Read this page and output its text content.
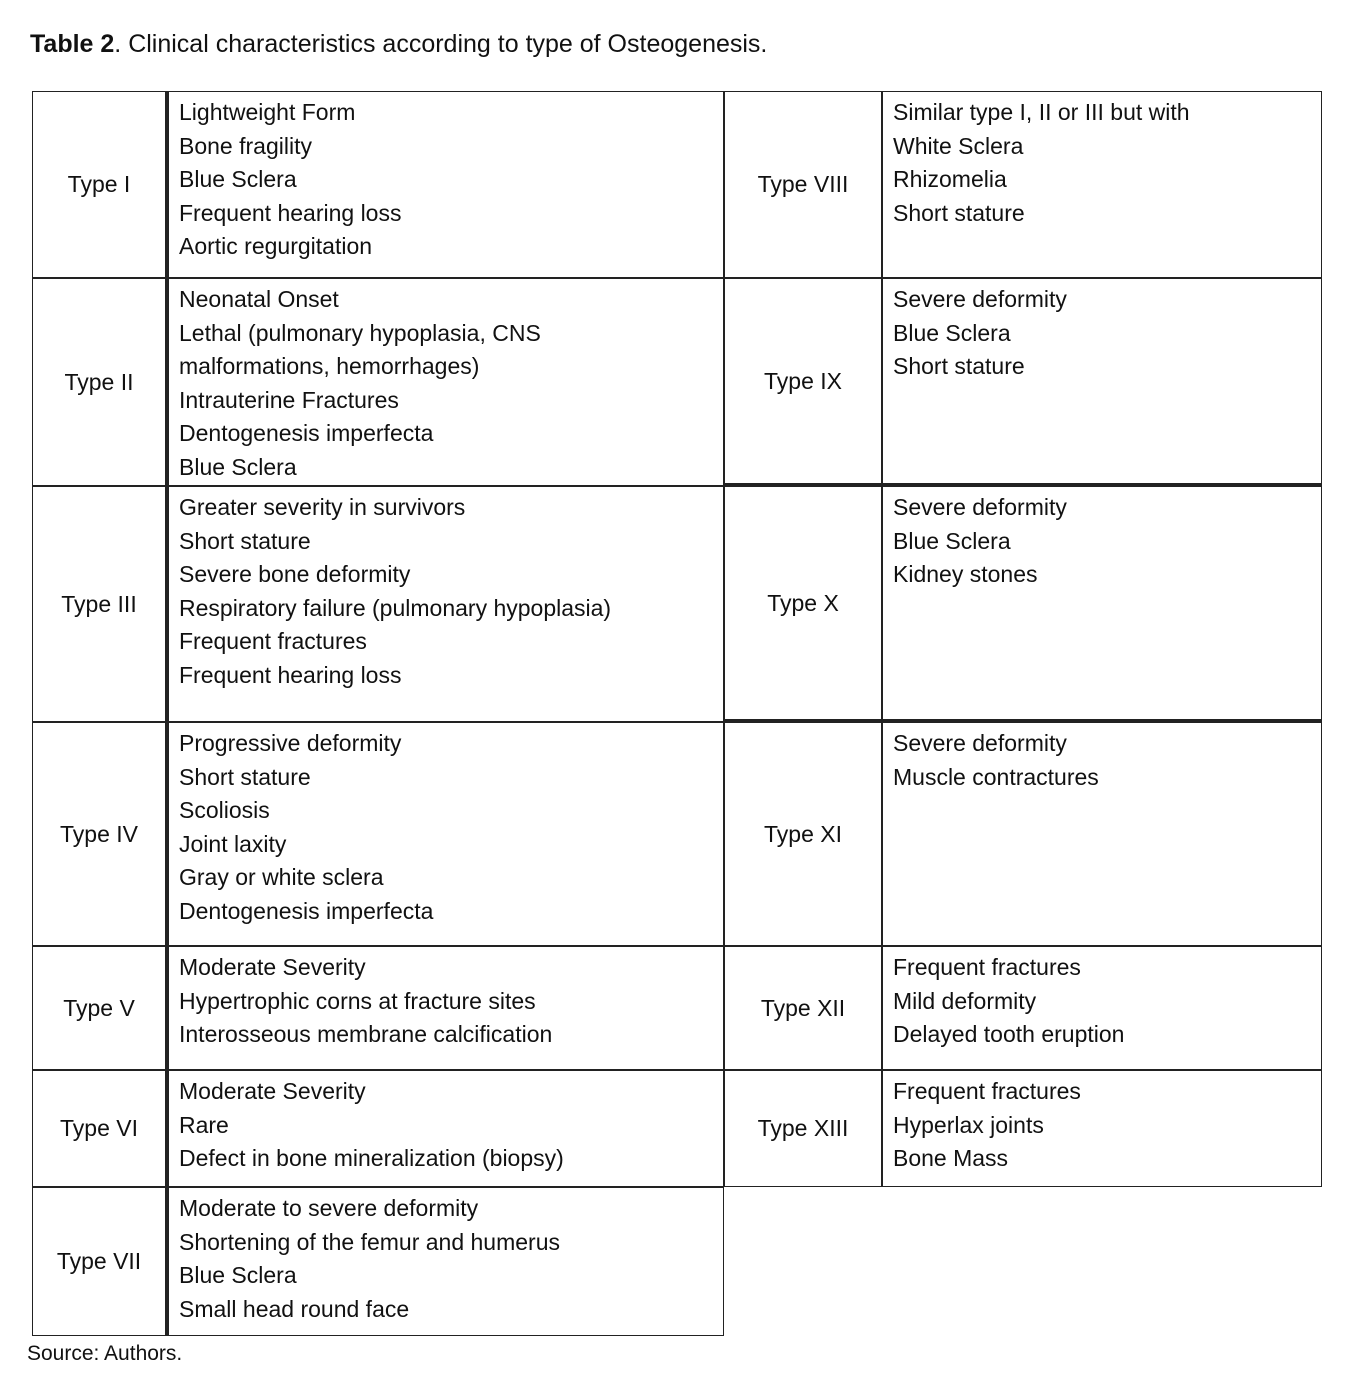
Table 2. Clinical characteristics according to type of Osteogenesis.
Type I
Lightweight Form
Bone fragility
Blue Sclera
Frequent hearing loss
Aortic regurgitation
Type II
Neonatal Onset
Lethal (pulmonary hypoplasia, CNS
malformations, hemorrhages)
Intrauterine Fractures
Dentogenesis imperfecta
Blue Sclera
Type III
Greater severity in survivors
Short stature
Severe bone deformity
Respiratory failure (pulmonary hypoplasia)
Frequent fractures
Frequent hearing loss
Type IV
Progressive deformity
Short stature
Scoliosis
Joint laxity
Gray or white sclera
Dentogenesis imperfecta
Type V
Moderate Severity
Hypertrophic corns at fracture sites
Interosseous membrane calcification
Type VI
Moderate Severity
Rare
Defect in bone mineralization (biopsy)
Type VII
Moderate to severe deformity
Shortening of the femur and humerus
Blue Sclera
Small head round face
Type VIII
Similar type I, II or III but with
White Sclera
Rhizomelia
Short stature
Type IX
Severe deformity
Blue Sclera
Short stature
Type X
Severe deformity
Blue Sclera
Kidney stones
Type XI
Severe deformity
Muscle contractures
Type XII
Frequent fractures
Mild deformity
Delayed tooth eruption
Type XIII
Frequent fractures
Hyperlax joints
Bone Mass
Source: Authors.
